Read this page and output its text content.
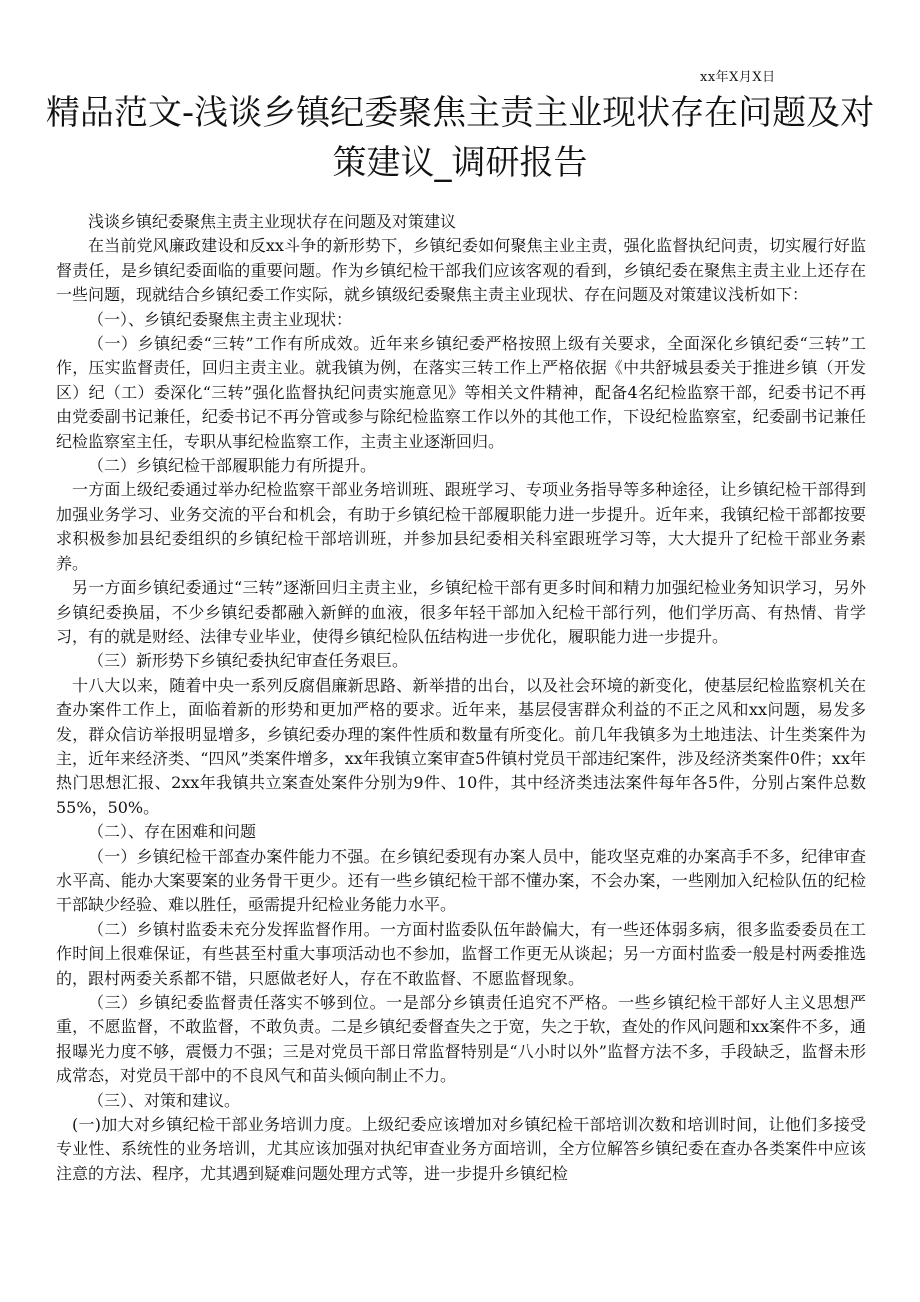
xx年X月X日
精品范文-浅谈乡镇纪委聚焦主责主业现状存在问题及对策建议_调研报告

浅谈乡镇纪委聚焦主责主业现状存在问题及对策建议

在当前党风廉政建设和反xx斗争的新形势下，乡镇纪委如何聚焦主业主责，强化监督执纪问责，切实履行好监督责任，是乡镇纪委面临的重要问题。作为乡镇纪检干部我们应该客观的看到，乡镇纪委在聚焦主责主业上还存在一些问题，现就结合乡镇纪委工作实际，就乡镇级纪委聚焦主责主业现状、存在问题及对策建议浅析如下：

（一）、乡镇纪委聚焦主责主业现状：

（一）乡镇纪委“三转”工作有所成效。近年来乡镇纪委严格按照上级有关要求，全面深化乡镇纪委“三转”工作，压实监督责任，回归主责主业。就我镇为例，在落实三转工作上严格依据《中共舒城县委关于推进乡镇（开发区）纪（工）委深化“三转”强化监督执纪问责实施意见》等相关文件精神，配备4名纪检监察干部，纪委书记不再由党委副书记兼任，纪委书记不再分管或参与除纪检监察工作以外的其他工作，下设纪检监察室，纪委副书记兼任纪检监察室主任，专职从事纪检监察工作，主责主业逐渐回归。

（二）乡镇纪检干部履职能力有所提升。

一方面上级纪委通过举办纪检监察干部业务培训班、跟班学习、专项业务指导等多种途径，让乡镇纪检干部得到加强业务学习、业务交流的平台和机会，有助于乡镇纪检干部履职能力进一步提升。近年来，我镇纪检干部都按要求积极参加县纪委组织的乡镇纪检干部培训班，并参加县纪委相关科室跟班学习等，大大提升了纪检干部业务素养。

另一方面乡镇纪委通过“三转”逐渐回归主责主业，乡镇纪检干部有更多时间和精力加强纪检业务知识学习，另外乡镇纪委换届，不少乡镇纪委都融入新鲜的血液，很多年轻干部加入纪检干部行列，他们学历高、有热情、肯学习，有的就是财经、法律专业毕业，使得乡镇纪检队伍结构进一步优化，履职能力进一步提升。

（三）新形势下乡镇纪委执纪审查任务艰巨。

十八大以来，随着中央一系列反腐倡廉新思路、新举措的出台，以及社会环境的新变化，使基层纪检监察机关在查办案件工作上，面临着新的形势和更加严格的要求。近年来，基层侵害群众利益的不正之风和xx问题，易发多发，群众信访举报明显增多，乡镇纪委办理的案件性质和数量有所变化。前几年我镇多为土地违法、计生类案件为主，近年来经济类、“四风”类案件增多，xx年我镇立案审查5件镇村党员干部违纪案件，涉及经济类案件0件；xx年热门思想汇报、2xx年我镇共立案查处案件分别为9件、10件，其中经济类违法案件每年各5件，分别占案件总数55%，50%。

（二）、存在困难和问题

（一）乡镇纪检干部查办案件能力不强。在乡镇纪委现有办案人员中，能攻坚克难的办案高手不多，纪律审查水平高、能办大案要案的业务骨干更少。还有一些乡镇纪检干部不懂办案，不会办案，一些刚加入纪检队伍的纪检干部缺少经验、难以胜任，亟需提升纪检业务能力水平。

（二）乡镇村监委未充分发挥监督作用。一方面村监委队伍年龄偏大，有一些还体弱多病，很多监委委员在工作时间上很难保证，有些甚至村重大事项活动也不参加，监督工作更无从谈起；另一方面村监委一般是村两委推选的，跟村两委关系都不错，只愿做老好人，存在不敢监督、不愿监督现象。

（三）乡镇纪委监督责任落实不够到位。一是部分乡镇责任追究不严格。一些乡镇纪检干部好人主义思想严重，不愿监督，不敢监督，不敢负责。二是乡镇纪委督查失之于宽，失之于软，查处的作风问题和xx案件不多，通报曝光力度不够，震慑力不强；三是对党员干部日常监督特别是“八小时以外”监督方法不多，手段缺乏，监督未形成常态，对党员干部中的不良风气和苗头倾向制止不力。

（三）、对策和建议。

(一)加大对乡镇纪检干部业务培训力度。上级纪委应该增加对乡镇纪检干部培训次数和培训时间，让他们多接受专业性、系统性的业务培训，尤其应该加强对执纪审查业务方面培训，全方位解答乡镇纪委在查办各类案件中应该注意的方法、程序，尤其遇到疑难问题处理方式等，进一步提升乡镇纪检
